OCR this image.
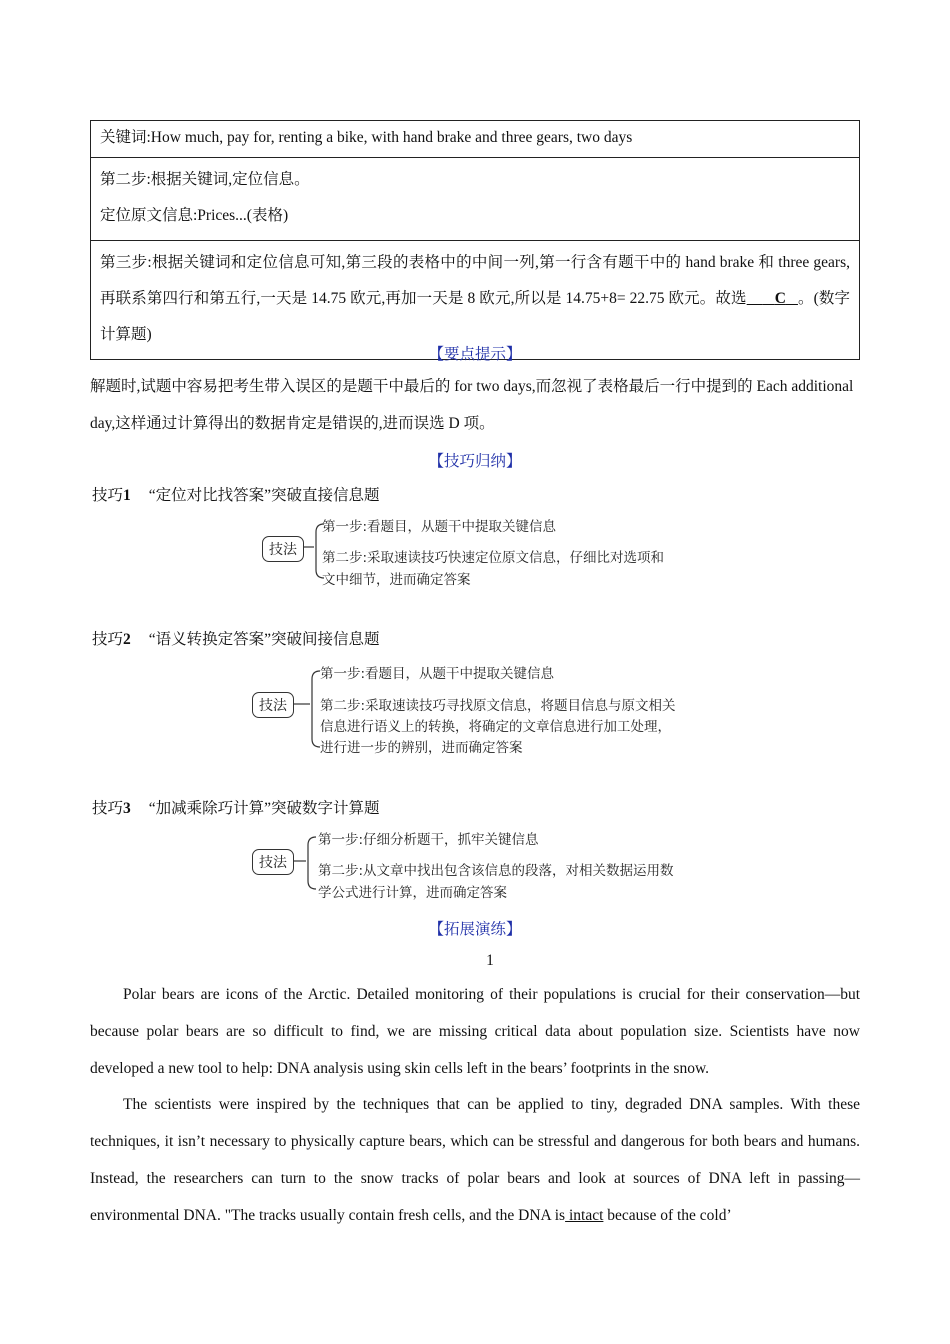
关键词:How much, pay for, renting a bike, with hand brake and three gears, two days

第二步:根据关键词,定位信息。
定位原文信息:Prices...(表格)

第三步:根据关键词和定位信息可知,第三段的表格中的中间一列,第一行含有题干中的 hand brake 和 three gears,再联系第四行和第五行,一天是 14.75 欧元,再加一天是 8 欧元,所以是 14.75+8= 22.75 欧元。故选 C 。(数字计算题)
【要点提示】

解题时,试题中容易把考生带入误区的是题干中最后的 for two days,而忽视了表格最后一行中提到的 Each additional day,这样通过计算得出的数据肯定是错误的,进而误选 D 项。

【技巧归纳】
技巧1 “定位对比找答案”突破直接信息题
技法
第一步:看题目，从题干中提取关键信息
第二步:采取速读技巧快速定位原文信息，仔细比对选项和
文中细节，进而确定答案
技巧2 “语义转换定答案”突破间接信息题
技法
第一步:看题目，从题干中提取关键信息
第二步:采取速读技巧寻找原文信息，将题目信息与原文相关
信息进行语义上的转换，将确定的文章信息进行加工处理，
进行进一步的辨别，进而确定答案
技巧3 “加减乘除巧计算”突破数字计算题
技法
第一步:仔细分析题干，抓牢关键信息
第二步:从文章中找出包含该信息的段落，对相关数据运用数
学公式进行计算，进而确定答案
【拓展演练】
1

Polar bears are icons of the Arctic. Detailed monitoring of their populations is crucial for their conservation—but because polar bears are so difficult to find, we are missing critical data about population size. Scientists have now developed a new tool to help: DNA analysis using skin cells left in the bears’ footprints in the snow.

The scientists were inspired by the techniques that can be applied to tiny, degraded DNA samples. With these techniques, it isn’t necessary to physically capture bears, which can be stressful and dangerous for both bears and humans. Instead, the researchers can turn to the snow tracks of polar bears and look at sources of DNA left in passing—environmental DNA. "The tracks usually contain fresh cells, and the DNA is intact because of the cold’
